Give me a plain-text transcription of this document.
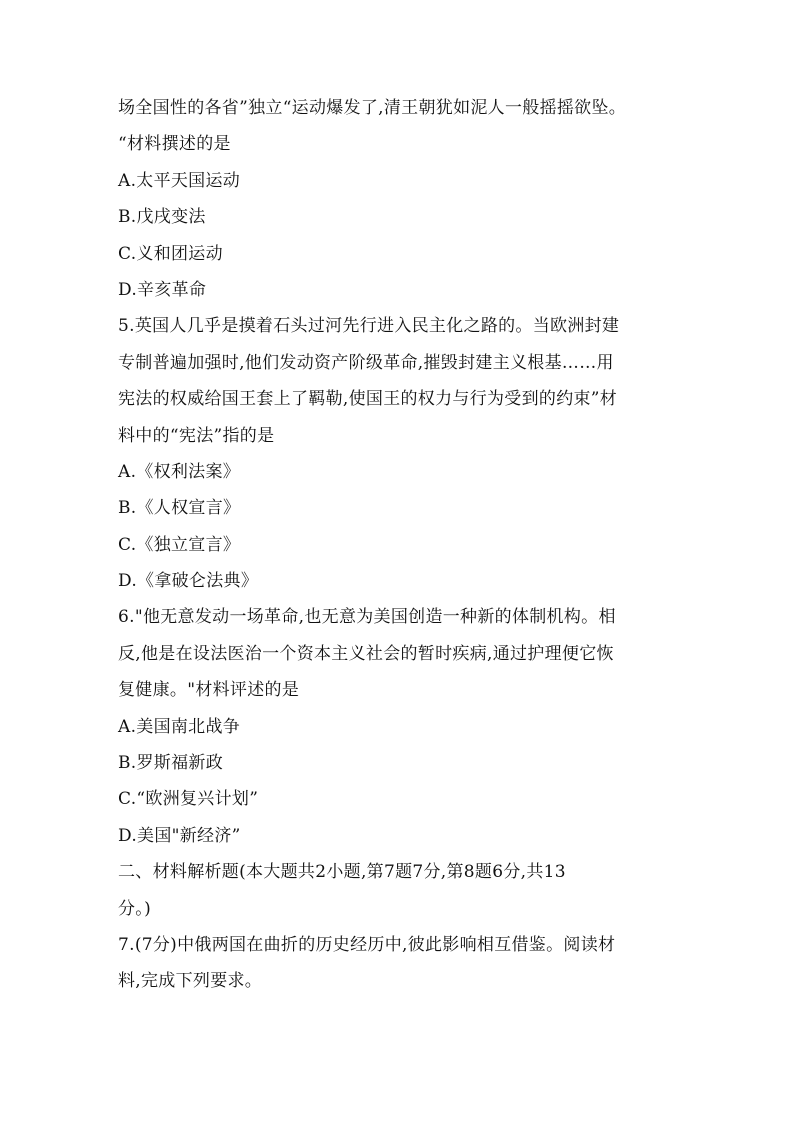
场全国性的各省”独立“运动爆发了,清王朝犹如泥人一般摇摇欲坠。
“材料撰述的是
A.太平天国运动
B.戊戌变法
C.义和团运动
D.辛亥革命
5.英国人几乎是摸着石头过河先行进入民主化之路的。当欧洲封建
专制普遍加强时,他们发动资产阶级革命,摧毁封建主义根基……用
宪法的权威给国王套上了羁勒,使国王的权力与行为受到的约束”材
料中的“宪法”指的是
A.《权利法案》
B.《人权宣言》
C.《独立宣言》
D.《拿破仑法典》
6."他无意发动一场革命,也无意为美国创造一种新的体制机构。相
反,他是在设法医治一个资本主义社会的暂时疾病,通过护理便它恢
复健康。"材料评述的是
A.美国南北战争
B.罗斯福新政
C.“欧洲复兴计划”
D.美国"新经济”
二、材料解析题(本大题共2小题,第7题7分,第8题6分,共13
分。)
7.(7分)中俄两国在曲折的历史经历中,彼此影响相互借鉴。阅读材
料,完成下列要求。
